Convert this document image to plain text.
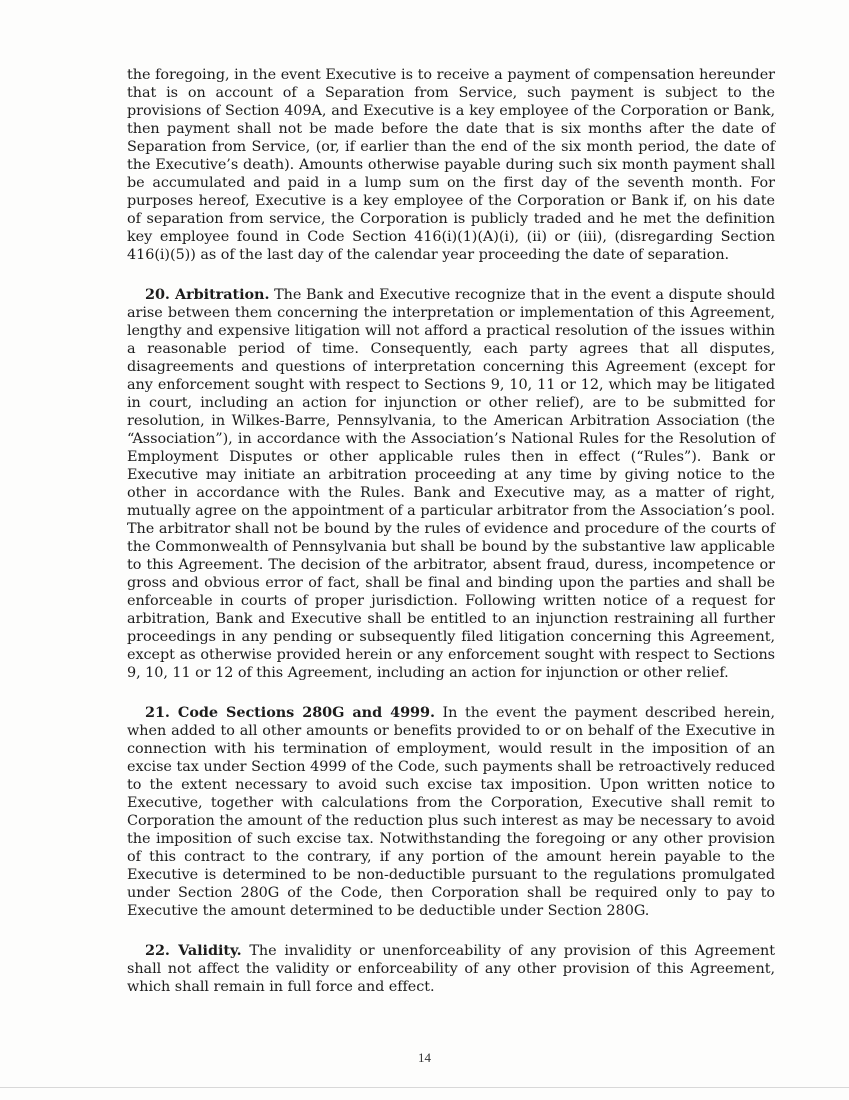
the foregoing, in the event Executive is to receive a payment of compensation hereunder that is on account of a Separation from Service, such payment is subject to the provisions of Section 409A, and Executive is a key employee of the Corporation or Bank, then payment shall not be made before the date that is six months after the date of Separation from Service, (or, if earlier than the end of the six month period, the date of the Executive’s death). Amounts otherwise payable during such six month payment shall be accumulated and paid in a lump sum on the first day of the seventh month. For purposes hereof, Executive is a key employee of the Corporation or Bank if, on his date of separation from service, the Corporation is publicly traded and he met the definition key employee found in Code Section 416(i)(1)(A)(i), (ii) or (iii), (disregarding Section 416(i)(5)) as of the last day of the calendar year proceeding the date of separation.

20. Arbitration. The Bank and Executive recognize that in the event a dispute should arise between them concerning the interpretation or implementation of this Agreement, lengthy and expensive litigation will not afford a practical resolution of the issues within a reasonable period of time. Consequently, each party agrees that all disputes, disagreements and questions of interpretation concerning this Agreement (except for any enforcement sought with respect to Sections 9, 10, 11 or 12, which may be litigated in court, including an action for injunction or other relief), are to be submitted for resolution, in Wilkes-Barre, Pennsylvania, to the American Arbitration Association (the “Association”), in accordance with the Association’s National Rules for the Resolution of Employment Disputes or other applicable rules then in effect (“Rules”). Bank or Executive may initiate an arbitration proceeding at any time by giving notice to the other in accordance with the Rules. Bank and Executive may, as a matter of right, mutually agree on the appointment of a particular arbitrator from the Association’s pool. The arbitrator shall not be bound by the rules of evidence and procedure of the courts of the Commonwealth of Pennsylvania but shall be bound by the substantive law applicable to this Agreement. The decision of the arbitrator, absent fraud, duress, incompetence or gross and obvious error of fact, shall be final and binding upon the parties and shall be enforceable in courts of proper jurisdiction. Following written notice of a request for arbitration, Bank and Executive shall be entitled to an injunction restraining all further proceedings in any pending or subsequently filed litigation concerning this Agreement, except as otherwise provided herein or any enforcement sought with respect to Sections 9, 10, 11 or 12 of this Agreement, including an action for injunction or other relief.

21. Code Sections 280G and 4999. In the event the payment described herein, when added to all other amounts or benefits provided to or on behalf of the Executive in connection with his termination of employment, would result in the imposition of an excise tax under Section 4999 of the Code, such payments shall be retroactively reduced to the extent necessary to avoid such excise tax imposition. Upon written notice to Executive, together with calculations from the Corporation, Executive shall remit to Corporation the amount of the reduction plus such interest as may be necessary to avoid the imposition of such excise tax. Notwithstanding the foregoing or any other provision of this contract to the contrary, if any portion of the amount herein payable to the Executive is determined to be non-deductible pursuant to the regulations promulgated under Section 280G of the Code, then Corporation shall be required only to pay to Executive the amount determined to be deductible under Section 280G.

22. Validity. The invalidity or unenforceability of any provision of this Agreement shall not affect the validity or enforceability of any other provision of this Agreement, which shall remain in full force and effect.

14
